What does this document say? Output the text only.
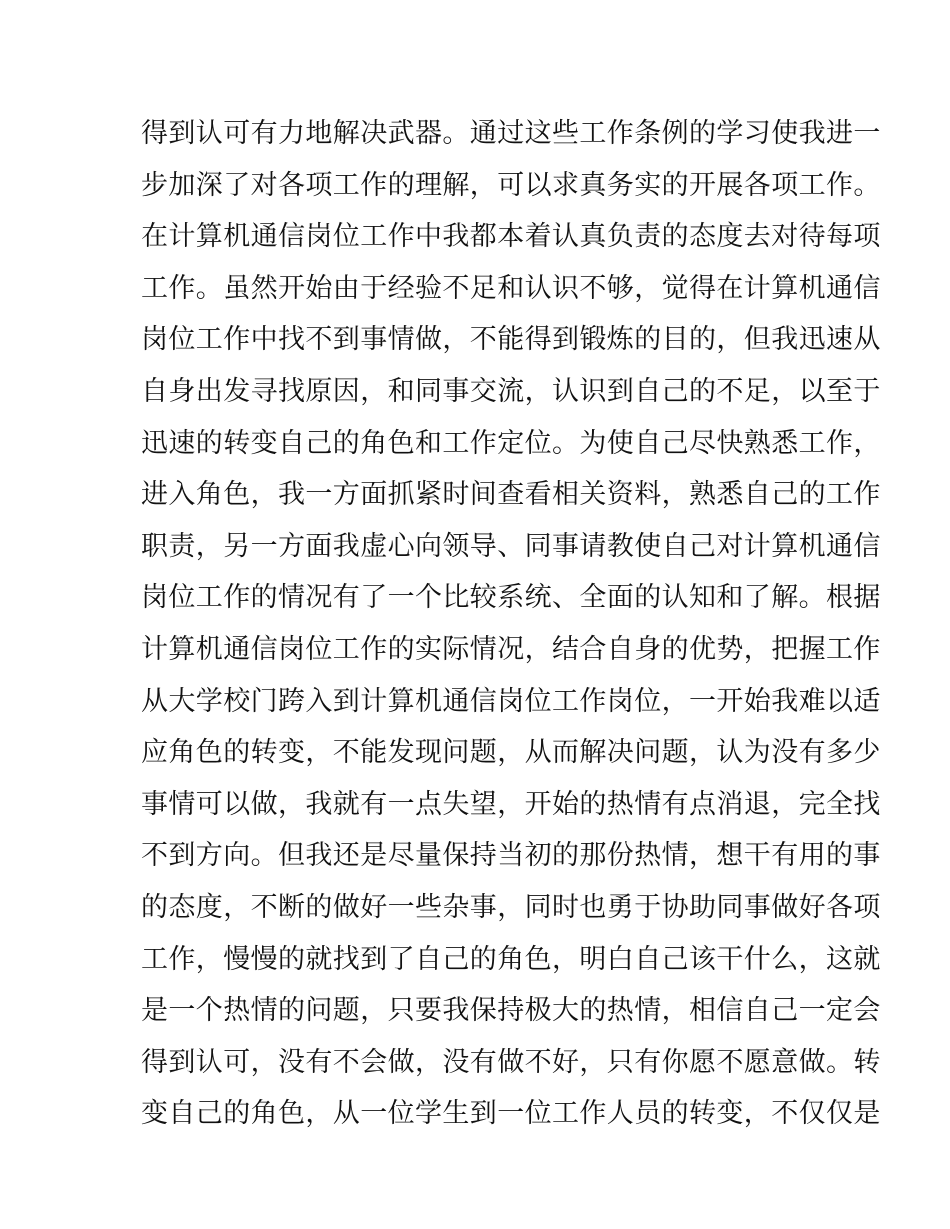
得到认可有力地解决武器。通过这些工作条例的学习使我进一
步加深了对各项工作的理解，可以求真务实的开展各项工作。
在计算机通信岗位工作中我都本着认真负责的态度去对待每项
工作。虽然开始由于经验不足和认识不够，觉得在计算机通信
岗位工作中找不到事情做，不能得到锻炼的目的，但我迅速从
自身出发寻找原因，和同事交流，认识到自己的不足，以至于
迅速的转变自己的角色和工作定位。为使自己尽快熟悉工作，
进入角色，我一方面抓紧时间查看相关资料，熟悉自己的工作
职责，另一方面我虚心向领导、同事请教使自己对计算机通信
岗位工作的情况有了一个比较系统、全面的认知和了解。根据
计算机通信岗位工作的实际情况，结合自身的优势，把握工作
从大学校门跨入到计算机通信岗位工作岗位，一开始我难以适
应角色的转变，不能发现问题，从而解决问题，认为没有多少
事情可以做，我就有一点失望，开始的热情有点消退，完全找
不到方向。但我还是尽量保持当初的那份热情，想干有用的事
的态度，不断的做好一些杂事，同时也勇于协助同事做好各项
工作，慢慢的就找到了自己的角色，明白自己该干什么，这就
是一个热情的问题，只要我保持极大的热情，相信自己一定会
得到认可，没有不会做，没有做不好，只有你愿不愿意做。转
变自己的角色，从一位学生到一位工作人员的转变，不仅仅是
